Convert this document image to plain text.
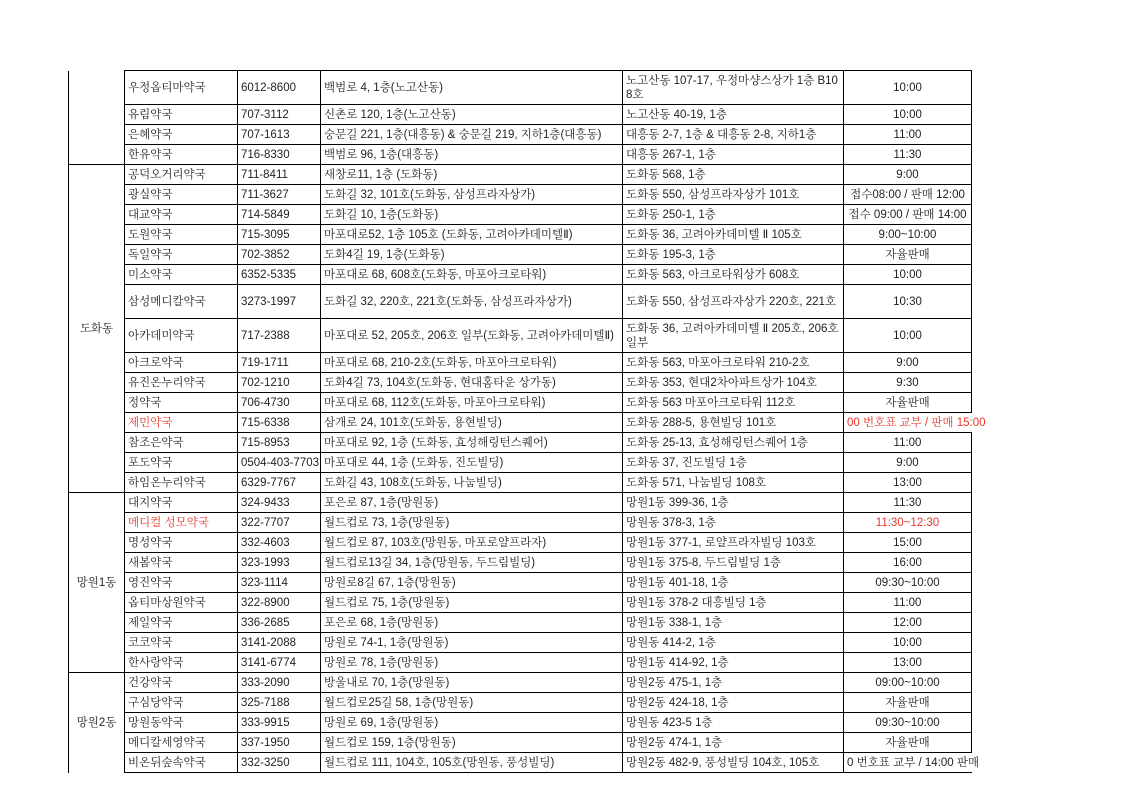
	우정옵티마약국	6012-8600	백범로 4, 1층(노고산동)	노고산동 107-17, 우정마샹스상가 1층 B108호	10:00
	유림약국	707-3112	신촌로 120, 1층(노고산동)	노고산동 40-19, 1층	10:00
	은혜약국	707-1613	숭문길 221, 1층(대흥동) & 숭문길 219, 지하1층(대흥동)	대흥동 2-7, 1층 & 대흥동 2-8, 지하1층	11:00
	한유약국	716-8330	백범로 96, 1층(대흥동)	대흥동 267-1, 1층	11:30
도화동	공덕오거리약국	711-8411	새창로11, 1층 (도화동)	도화동 568, 1층	9:00
	광실약국	711-3627	도화길 32, 101호(도화동, 삼성프라자상가)	도화동 550, 삼성프라자상가 101호	접수08:00 / 판매 12:00
	대교약국	714-5849	도화길 10, 1층(도화동)	도화동 250-1, 1층	접수 09:00 / 판매 14:00
	도원약국	715-3095	마포대로52, 1층 105호 (도화동, 고려아카데미텔Ⅱ)	도화동 36, 고려아카데미텔 Ⅱ 105호	9:00~10:00
	독일약국	702-3852	도화4길 19, 1층(도화동)	도화동 195-3, 1층	자율판매
	미소약국	6352-5335	마포대로 68, 608호(도화동, 마포아크로타워)	도화동 563, 아크로타워상가 608호	10:00
	삼성메디칼약국	3273-1997	도화길 32, 220호, 221호(도화동, 삼성프라자상가)	도화동 550, 삼성프라자상가 220호, 221호	10:30
	아카데미약국	717-2388	마포대로 52, 205호, 206호 일부(도화동, 고려아카데미텔Ⅱ)	도화동 36, 고려아카데미텔 Ⅱ 205호, 206호 일부	10:00
	아크로약국	719-1711	마포대로 68, 210-2호(도화동, 마포아크로타워)	도화동 563, 마포아크로타워 210-2호	9:00
	유진온누리약국	702-1210	도화4길 73, 104호(도화동, 현대홈타운 상가동)	도화동 353, 현대2차아파트상가 104호	9:30
	정약국	706-4730	마포대로 68, 112호(도화동, 마포아크로타워)	도화동 563 마포아크로타워 112호	자율판매
	제민약국	715-6338	삼개로 24, 101호(도화동, 용현빌딩)	도화동 288-5, 용현빌딩 101호	00 번호표 교부 / 판매 15:00

	참조은약국	715-8953	마포대로 92, 1층 (도화동, 효성해링턴스퀘어)	도화동 25-13, 효성해링턴스퀘어 1층	11:00
	포도약국	0504-403-7703	마포대로 44, 1층 (도화동, 진도빌딩)	도화동 37, 진도빌딩 1층	9:00
	하임온누리약국	6329-7767	도화길 43, 108호(도화동, 나눔빌딩)	도화동 571, 나눔빌딩 108호	13:00
망원1동	대지약국	324-9433	포은로 87, 1층(망원동)	망원1동 399-36, 1층	11:30
	메디컬 성모약국	322-7707	월드컵로 73, 1층(망원동)	망원동 378-3, 1층	11:30~12:30
	명성약국	332-4603	월드컵로 87, 103호(망원동, 마포로얄프라자)	망원1동 377-1, 로얄프라자빌딩 103호	15:00
	새봄약국	323-1993	월드컵로13길 34, 1층(망원동, 두드림빌딩)	망원1동 375-8, 두드림빌딩 1층	16:00
	영진약국	323-1114	망원로8길 67, 1층(망원동)	망원1동 401-18, 1층	09:30~10:00
	옵티마상원약국	322-8900	월드컵로 75, 1층(망원동)	망원1동 378-2 대흥빌딩 1층	11:00
	제일약국	336-2685	포은로 68, 1층(망원동)	망원1동 338-1, 1층	12:00
	코코약국	3141-2088	망원로 74-1, 1층(망원동)	망원동 414-2, 1층	10:00
	한사랑약국	3141-6774	망원로 78, 1층(망원동)	망원1동 414-92, 1층	13:00
망원2동	건강약국	333-2090	방울내로 70, 1층(망원동)	망원2동 475-1, 1층	09:00~10:00
	구심당약국	325-7188	월드컵로25길 58, 1층(망원동)	망원2동 424-18, 1층	자율판매
	망원동약국	333-9915	망원로 69, 1층(망원동)	망원동 423-5 1층	09:30~10:00
	메디칼세영약국	337-1950	월드컵로 159, 1층(망원동)	망원2동 474-1, 1층	자율판매
	비온뒤숲속약국	332-3250	월드컵로 111, 104호, 105호(망원동, 풍성빌딩)	망원2동 482-9, 풍성빌딩 104호, 105호	0 번호표 교부 / 14:00 판매
